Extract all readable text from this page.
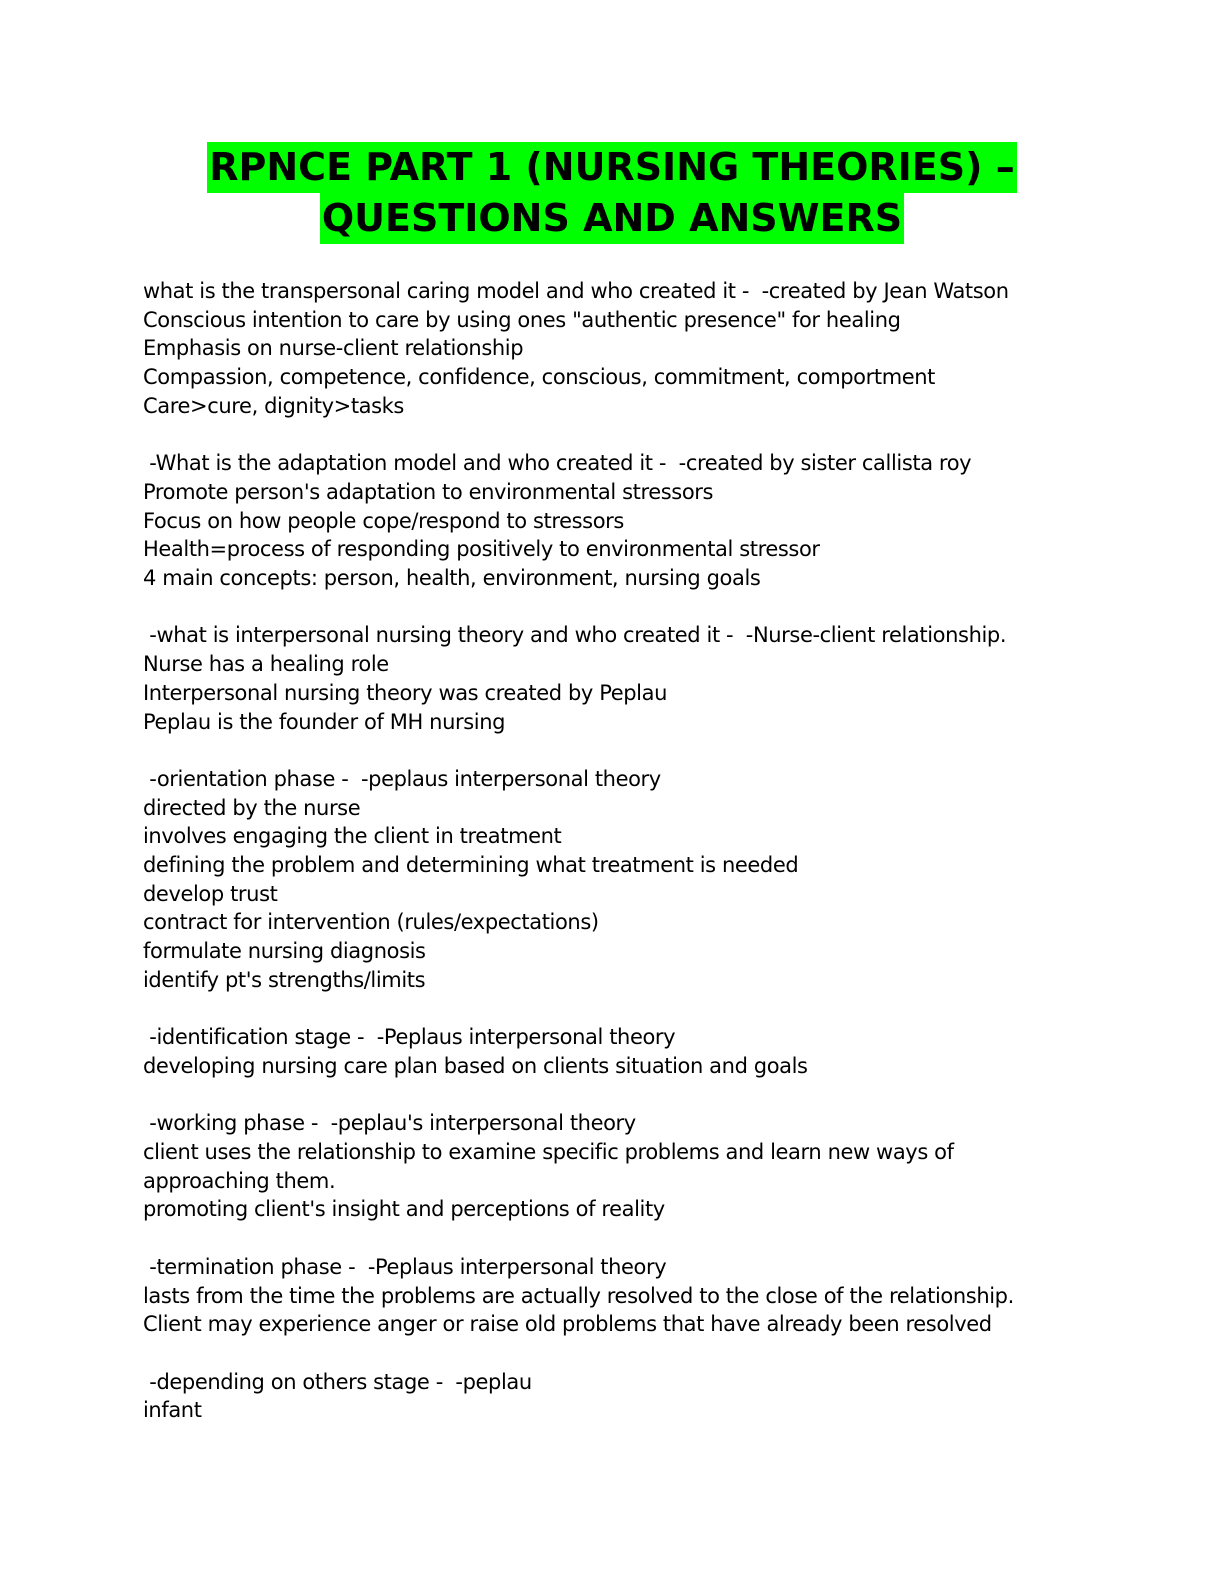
RPNCE PART 1 (NURSING THEORIES) –
QUESTIONS AND ANSWERS
what is the transpersonal caring model and who created it -  -created by Jean Watson
Conscious intention to care by using ones "authentic presence" for healing
Emphasis on nurse-client relationship
Compassion, competence, confidence, conscious, commitment, comportment
Care>cure, dignity>tasks
-What is the adaptation model and who created it -  -created by sister callista roy
Promote person's adaptation to environmental stressors
Focus on how people cope/respond to stressors
Health=process of responding positively to environmental stressor
4 main concepts: person, health, environment, nursing goals
-what is interpersonal nursing theory and who created it -  -Nurse-client relationship.
Nurse has a healing role
Interpersonal nursing theory was created by Peplau
Peplau is the founder of MH nursing
-orientation phase -  -peplaus interpersonal theory
directed by the nurse
involves engaging the client in treatment
defining the problem and determining what treatment is needed
develop trust
contract for intervention (rules/expectations)
formulate nursing diagnosis
identify pt's strengths/limits
-identification stage -  -Peplaus interpersonal theory
developing nursing care plan based on clients situation and goals
-working phase -  -peplau's interpersonal theory
client uses the relationship to examine specific problems and learn new ways of
approaching them.
promoting client's insight and perceptions of reality
-termination phase -  -Peplaus interpersonal theory
lasts from the time the problems are actually resolved to the close of the relationship.
Client may experience anger or raise old problems that have already been resolved
-depending on others stage -  -peplau
infant
